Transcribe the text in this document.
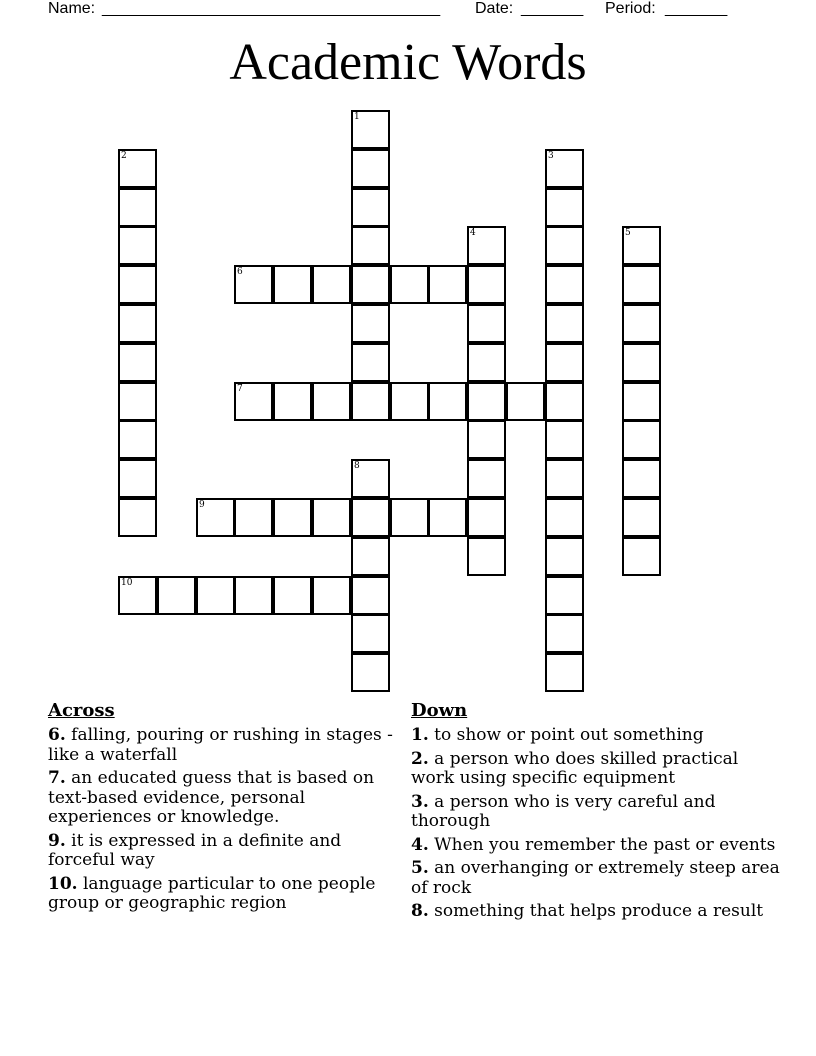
Name: ______________________________________ Date: _______ Period: _______
Academic Words
1
2	3
4	5
6
7
8
9
10
Across
6. falling, pouring or rushing in stages - like a waterfall
7. an educated guess that is based on text-based evidence, personal experiences or knowledge.
9. it is expressed in a definite and forceful way
10. language particular to one people group or geographic region
Down
1. to show or point out something
2. a person who does skilled practical work using specific equipment
3. a person who is very careful and thorough
4. When you remember the past or events
5. an overhanging or extremely steep area of rock
8. something that helps produce a result
